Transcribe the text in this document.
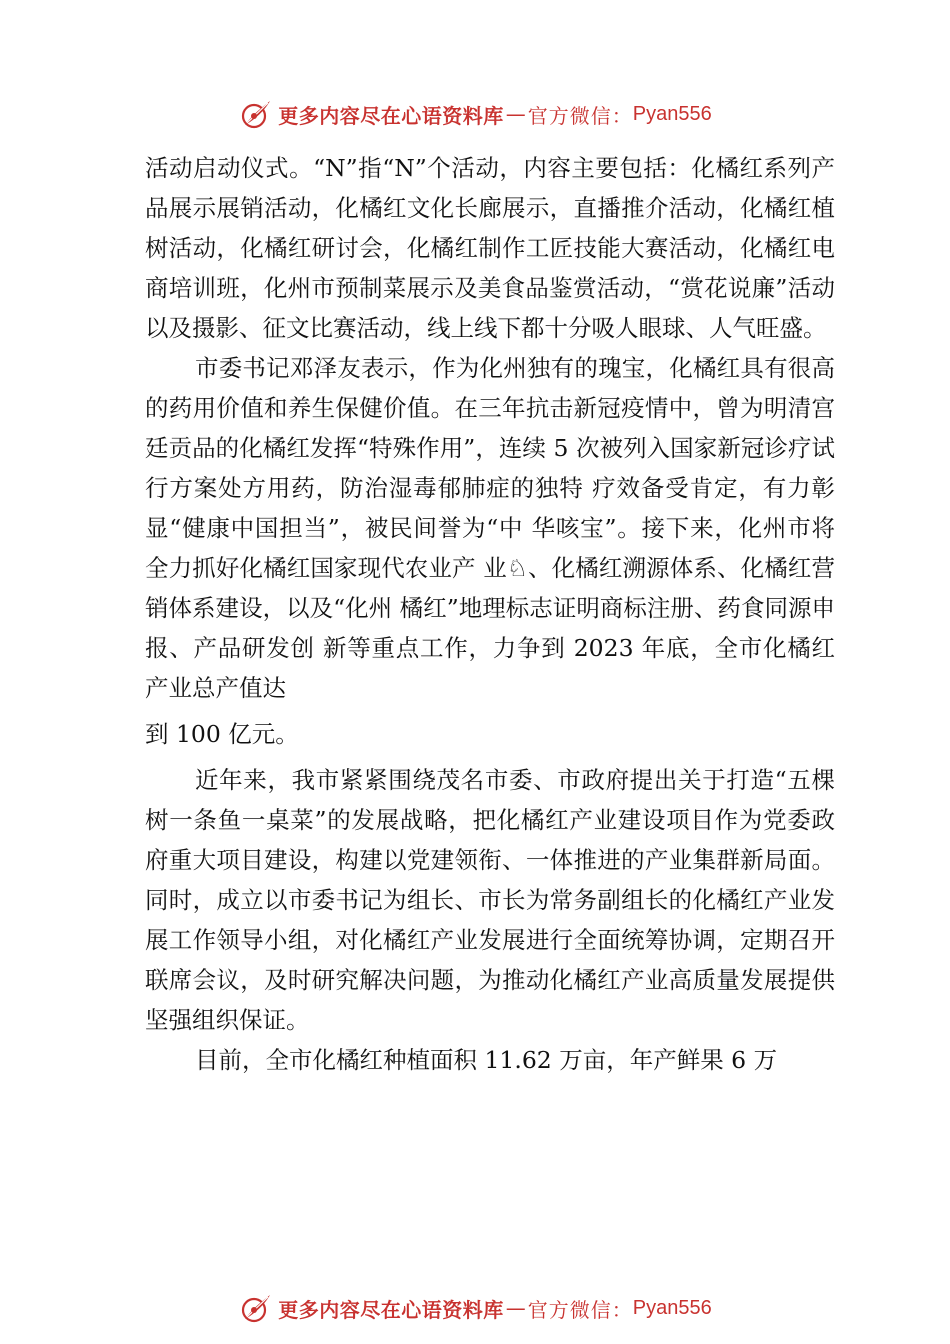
更多内容尽在心语资料库 — 官方微信： Pyan556

活动启动仪式。“N”指“N”个活动，内容主要包括：化橘红系列产品展示展销活动，化橘红文化长廊展示，直播推介活动，化橘红植树活动，化橘红研讨会，化橘红制作工匠技能大赛活动，化橘红电商培训班，化州市预制菜展示及美食品鉴赏活动，“赏花说廉”活动以及摄影、征文比赛活动，线上线下都十分吸人眼球、人气旺盛。

市委书记邓泽友表示，作为化州独有的瑰宝，化橘红具有很高的药用价值和养生保健价值。在三年抗击新冠疫情中，曾为明清宫廷贡品的化橘红发挥“特殊作用”，连续 5 次被列入国家新冠诊疗试行方案处方用药，防治湿毒郁肺症的独特 疗效备受肯定，有力彰显“健康中国担当”，被民间誉为“中 华咳宝”。接下来，化州市将全力抓好化橘红国家现代农业产 业♘、化橘红溯源体系、化橘红营销体系建设，以及“化州 橘红”地理标志证明商标注册、药食同源申报、产品研发创 新等重点工作，力争到 2023 年底，全市化橘红产业总产值达

到 100 亿元。

近年来，我市紧紧围绕茂名市委、市政府提出关于打造“五棵树一条鱼一桌菜”的发展战略，把化橘红产业建设项目作为党委政府重大项目建设，构建以党建领衔、一体推进的产业集群新局面。同时，成立以市委书记为组长、市长为常务副组长的化橘红产业发展工作领导小组，对化橘红产业发展进行全面统筹协调，定期召开联席会议，及时研究解决问题，为推动化橘红产业高质量发展提供坚强组织保证。

目前，全市化橘红种植面积 11.62 万亩，年产鲜果 6 万

更多内容尽在心语资料库 — 官方微信： Pyan556
